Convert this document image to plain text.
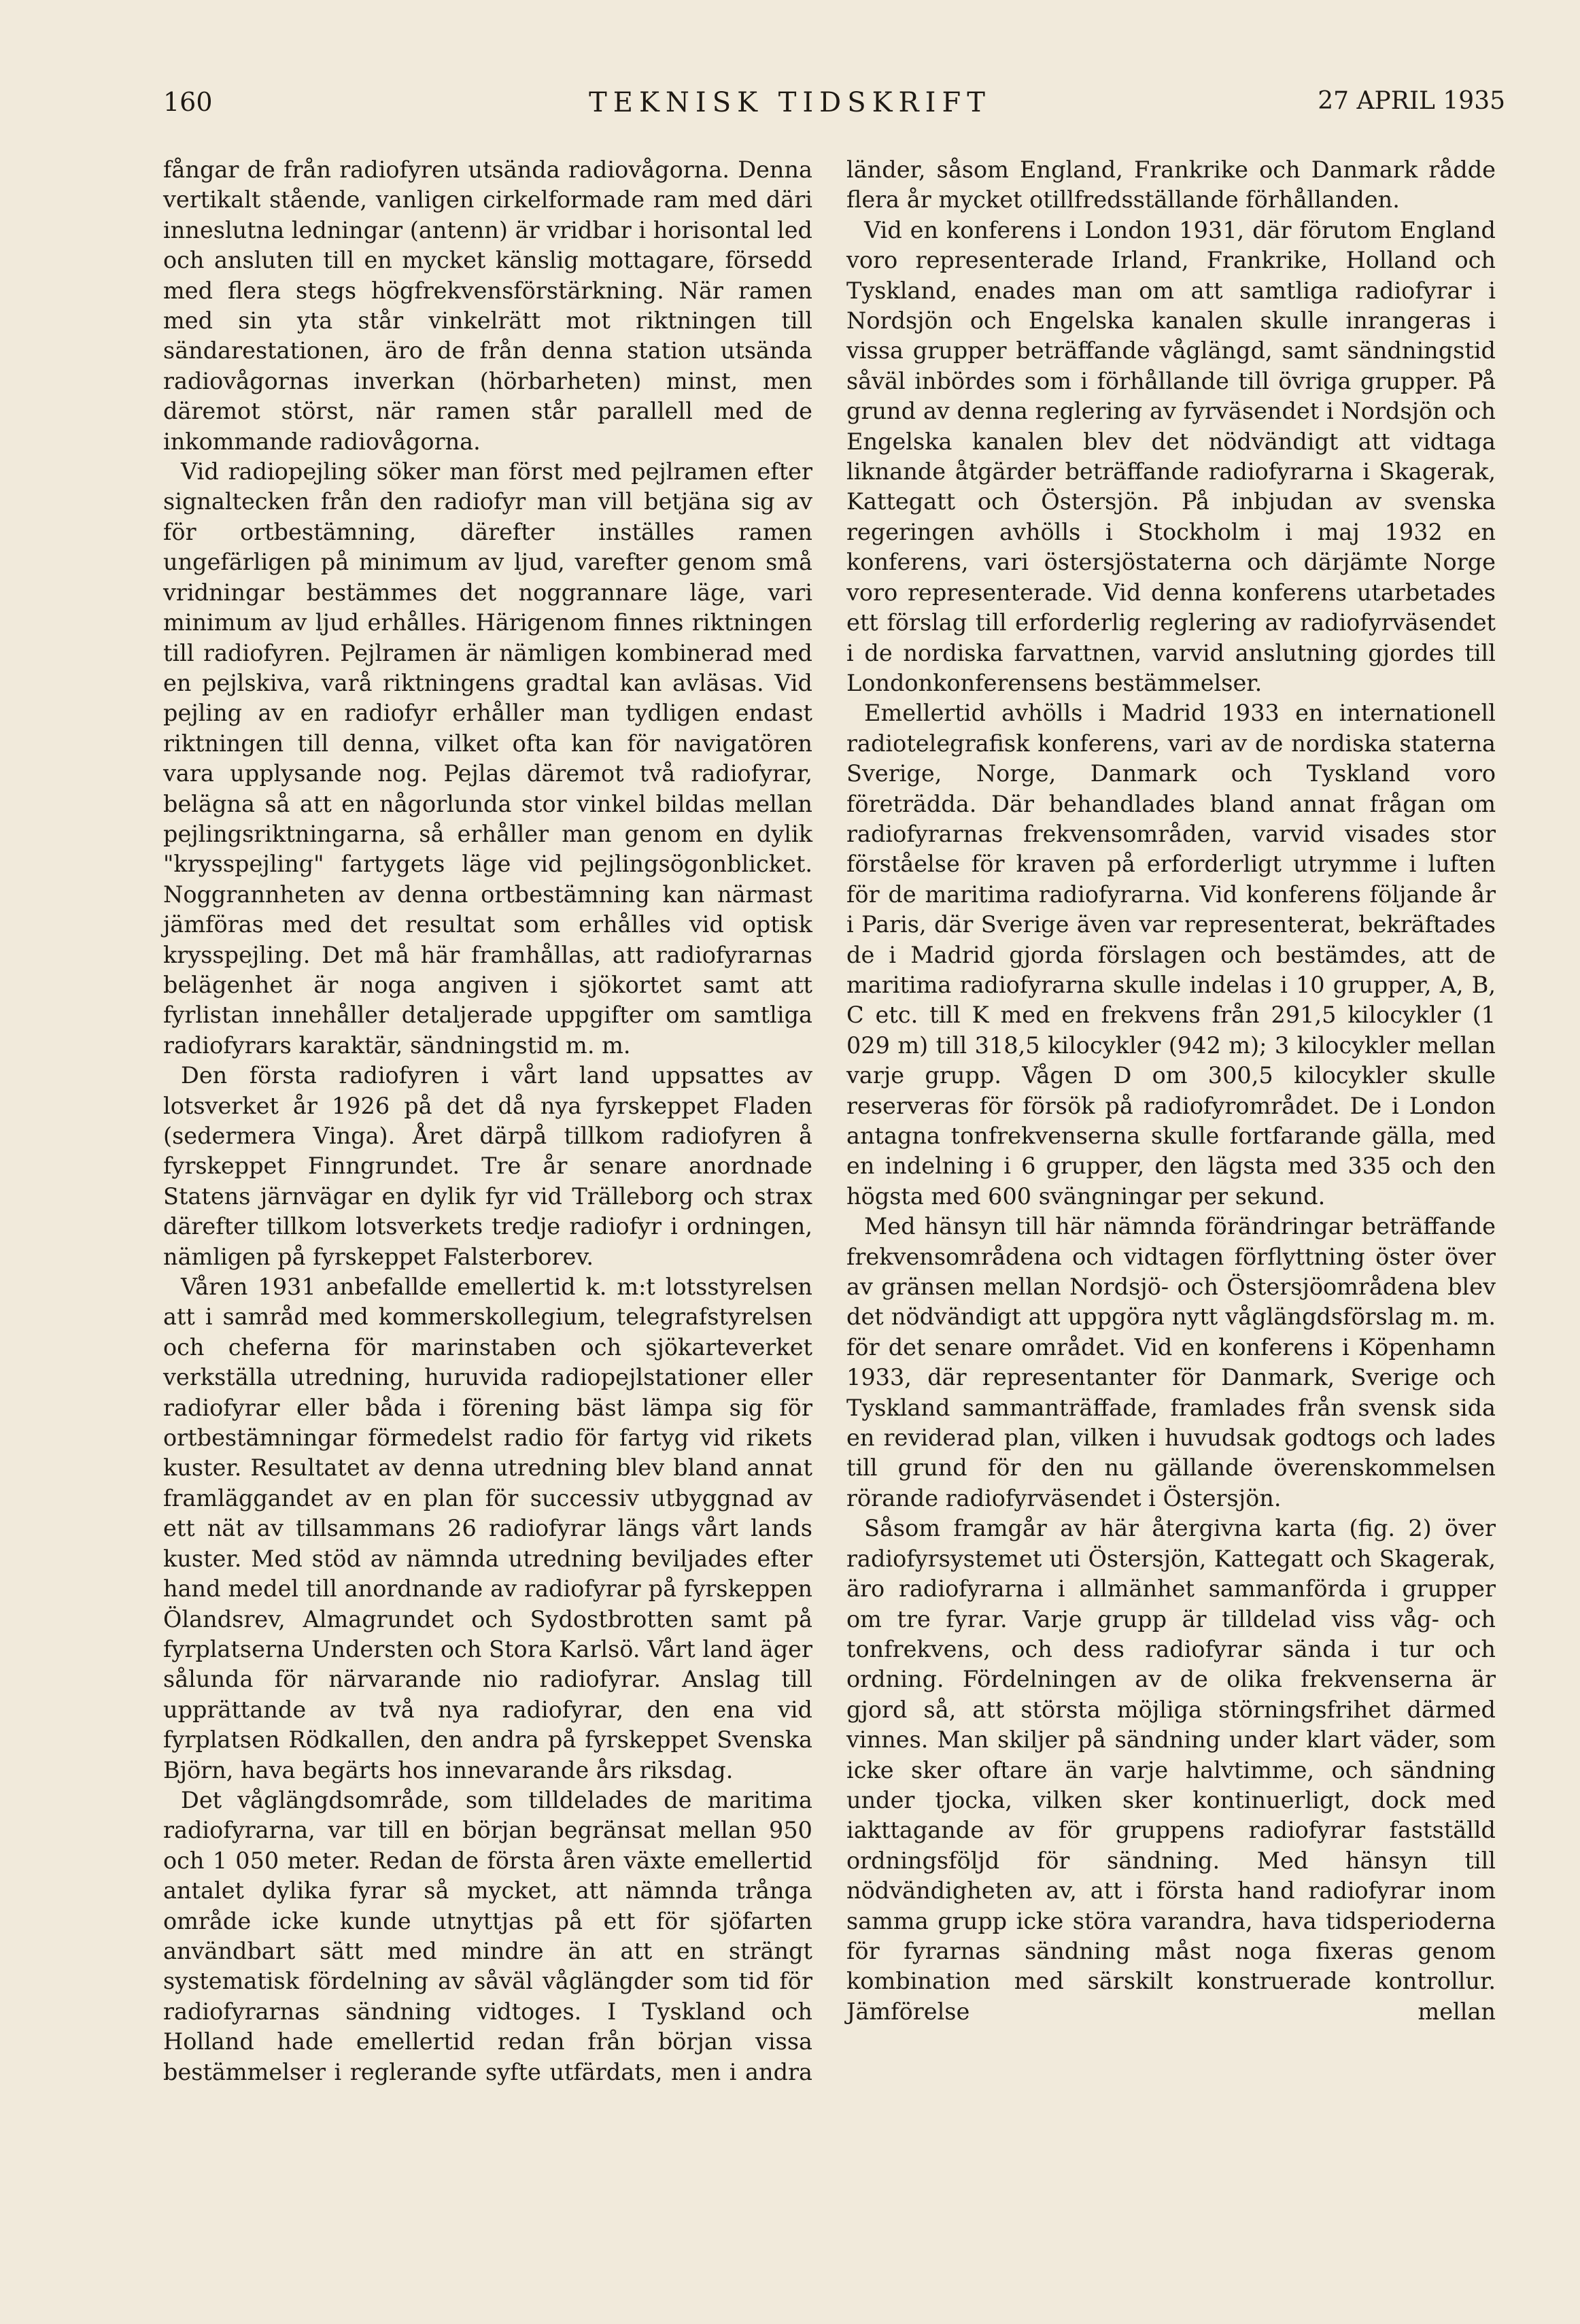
160	TEKNISK TIDSKRIFT	27 APRIL 1935

fångar de från radiofyren utsända radiovågorna. Denna vertikalt stående, vanligen cirkelformade ram med däri inneslutna ledningar (antenn) är vridbar i horisontal led och ansluten till en mycket känslig mottagare, försedd med flera stegs högfrekvensförstärkning. När ramen med sin yta står vinkelrätt mot riktningen till sändarestationen, äro de från denna station utsända radiovågornas inverkan (hörbarheten) minst, men däremot störst, när ramen står parallell med de inkommande radiovågorna.

Vid radiopejling söker man först med pejlramen efter signaltecken från den radiofyr man vill betjäna sig av för ortbestämning, därefter inställes ramen ungefärligen på minimum av ljud, varefter genom små vridningar bestämmes det noggrannare läge, vari minimum av ljud erhålles. Härigenom finnes riktningen till radiofyren. Pejlramen är nämligen kombinerad med en pejlskiva, varå riktningens gradtal kan avläsas. Vid pejling av en radiofyr erhåller man tydligen endast riktningen till denna, vilket ofta kan för navigatören vara upplysande nog. Pejlas däremot två radiofyrar, belägna så att en någorlunda stor vinkel bildas mellan pejlingsriktningarna, så erhåller man genom en dylik "krysspejling" fartygets läge vid pejlingsögonblicket. Noggrannheten av denna ortbestämning kan närmast jämföras med det resultat som erhålles vid optisk krysspejling. Det må här framhållas, att radiofyrarnas belägenhet är noga angiven i sjökortet samt att fyrlistan innehåller detaljerade uppgifter om samtliga radiofyrars karaktär, sändningstid m. m.

Den första radiofyren i vårt land uppsattes av lotsverket år 1926 på det då nya fyrskeppet Fladen (sedermera Vinga). Året därpå tillkom radiofyren å fyrskeppet Finngrundet. Tre år senare anordnade Statens järnvägar en dylik fyr vid Trälleborg och strax därefter tillkom lotsverkets tredje radiofyr i ordningen, nämligen på fyrskeppet Falsterborev.

Våren 1931 anbefallde emellertid k. m:t lotsstyrelsen att i samråd med kommerskollegium, telegrafstyrelsen och cheferna för marinstaben och sjökarteverket verkställa utredning, huruvida radiopejlstationer eller radiofyrar eller båda i förening bäst lämpa sig för ortbestämningar förmedelst radio för fartyg vid rikets kuster. Resultatet av denna utredning blev bland annat framläggandet av en plan för successiv utbyggnad av ett nät av tillsammans 26 radiofyrar längs vårt lands kuster. Med stöd av nämnda utredning beviljades efter hand medel till anordnande av radiofyrar på fyrskeppen Ölandsrev, Almagrundet och Sydostbrotten samt på fyrplatserna Understen och Stora Karlsö. Vårt land äger sålunda för närvarande nio radiofyrar. Anslag till upprättande av två nya radiofyrar, den ena vid fyrplatsen Rödkallen, den andra på fyrskeppet Svenska Björn, hava begärts hos innevarande års riksdag.

Det våglängdsområde, som tilldelades de maritima radiofyrarna, var till en början begränsat mellan 950 och 1 050 meter. Redan de första åren växte emellertid antalet dylika fyrar så mycket, att nämnda trånga område icke kunde utnyttjas på ett för sjöfarten användbart sätt med mindre än att en strängt systematisk fördelning av såväl våglängder som tid för radiofyrarnas sändning vidtoges. I Tyskland och Holland hade emellertid redan från början vissa bestämmelser i reglerande syfte utfärdats, men i andra

länder, såsom England, Frankrike och Danmark rådde flera år mycket otillfredsställande förhållanden.

Vid en konferens i London 1931, där förutom England voro representerade Irland, Frankrike, Holland och Tyskland, enades man om att samtliga radiofyrar i Nordsjön och Engelska kanalen skulle inrangeras i vissa grupper beträffande våglängd, samt sändningstid såväl inbördes som i förhållande till övriga grupper. På grund av denna reglering av fyrväsendet i Nordsjön och Engelska kanalen blev det nödvändigt att vidtaga liknande åtgärder beträffande radiofyrarna i Skagerak, Kattegatt och Östersjön. På inbjudan av svenska regeringen avhölls i Stockholm i maj 1932 en konferens, vari östersjöstaterna och därjämte Norge voro representerade. Vid denna konferens utarbetades ett förslag till erforderlig reglering av radiofyrväsendet i de nordiska farvattnen, varvid anslutning gjordes till Londonkonferensens bestämmelser.

Emellertid avhölls i Madrid 1933 en internationell radiotelegrafisk konferens, vari av de nordiska staterna Sverige, Norge, Danmark och Tyskland voro företrädda. Där behandlades bland annat frågan om radiofyrarnas frekvensområden, varvid visades stor förståelse för kraven på erforderligt utrymme i luften för de maritima radiofyrarna. Vid konferens följande år i Paris, där Sverige även var representerat, bekräftades de i Madrid gjorda förslagen och bestämdes, att de maritima radiofyrarna skulle indelas i 10 grupper, A, B, C etc. till K med en frekvens från 291,5 kilocykler (1 029 m) till 318,5 kilocykler (942 m); 3 kilocykler mellan varje grupp. Vågen D om 300,5 kilocykler skulle reserveras för försök på radiofyrområdet. De i London antagna tonfrekvenserna skulle fortfarande gälla, med en indelning i 6 grupper, den lägsta med 335 och den högsta med 600 svängningar per sekund.

Med hänsyn till här nämnda förändringar beträffande frekvensområdena och vidtagen förflyttning öster över av gränsen mellan Nordsjö- och Östersjöområdena blev det nödvändigt att uppgöra nytt våglängdsförslag m. m. för det senare området. Vid en konferens i Köpenhamn 1933, där representanter för Danmark, Sverige och Tyskland sammanträffade, framlades från svensk sida en reviderad plan, vilken i huvudsak godtogs och lades till grund för den nu gällande överenskommelsen rörande radiofyrväsendet i Östersjön.

Såsom framgår av här återgivna karta (fig. 2) över radiofyrsystemet uti Östersjön, Kattegatt och Skagerak, äro radiofyrarna i allmänhet sammanförda i grupper om tre fyrar. Varje grupp är tilldelad viss våg- och tonfrekvens, och dess radiofyrar sända i tur och ordning. Fördelningen av de olika frekvenserna är gjord så, att största möjliga störningsfrihet därmed vinnes. Man skiljer på sändning under klart väder, som icke sker oftare än varje halvtimme, och sändning under tjocka, vilken sker kontinuerligt, dock med iakttagande av för gruppens radiofyrar fastställd ordningsföljd för sändning. Med hänsyn till nödvändigheten av, att i första hand radiofyrar inom samma grupp icke störa varandra, hava tidsperioderna för fyrarnas sändning måst noga fixeras genom kombination med särskilt konstruerade kontrollur. Jämförelse mellan
